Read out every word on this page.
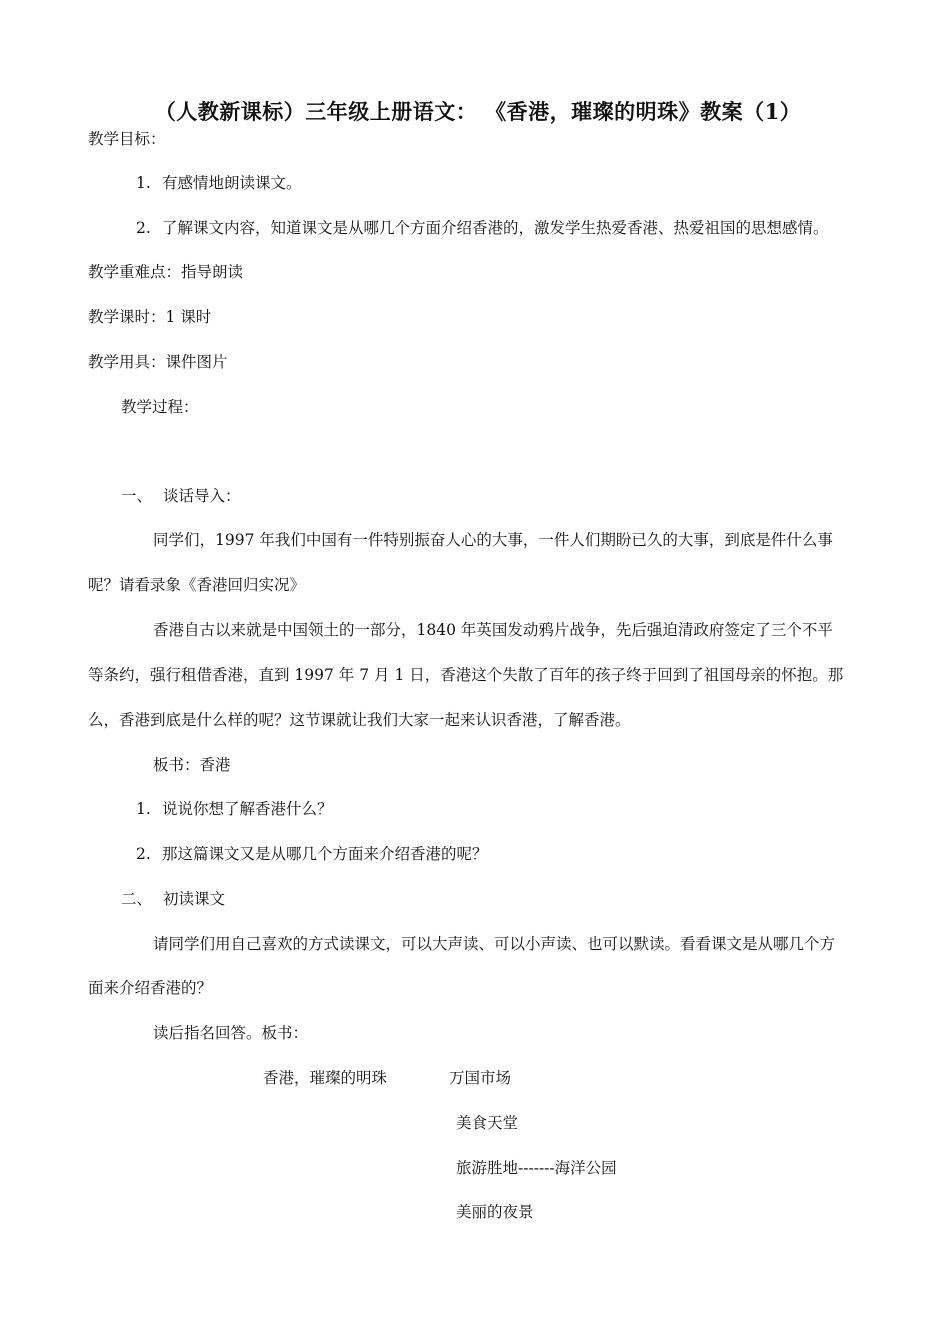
（人教新课标）三年级上册语文： 《香港，璀璨的明珠》教案（1）
教学目标：
1. 有感情地朗读课文。
2. 了解课文内容，知道课文是从哪几个方面介绍香港的，激发学生热爱香港、热爱祖国的思想感情。
教学重难点：指导朗读
教学课时：1 课时
教学用具：课件图片
教学过程：
一、 谈话导入：
同学们，1997 年我们中国有一件特别振奋人心的大事，一件人们期盼已久的大事，到底是件什么事
呢？请看录象《香港回归实况》
香港自古以来就是中国领土的一部分，1840 年英国发动鸦片战争，先后强迫清政府签定了三个不平
等条约，强行租借香港，直到 1997 年 7 月 1 日，香港这个失散了百年的孩子终于回到了祖国母亲的怀抱。那
么，香港到底是什么样的呢？这节课就让我们大家一起来认识香港，了解香港。
板书：香港
1. 说说你想了解香港什么？
2. 那这篇课文又是从哪几个方面来介绍香港的呢？
二、 初读课文
请同学们用自己喜欢的方式读课文，可以大声读、可以小声读、也可以默读。看看课文是从哪几个方
面来介绍香港的？
读后指名回答。板书：
香港，璀璨的明珠	万国市场
美食天堂
旅游胜地-------海洋公园
美丽的夜景
